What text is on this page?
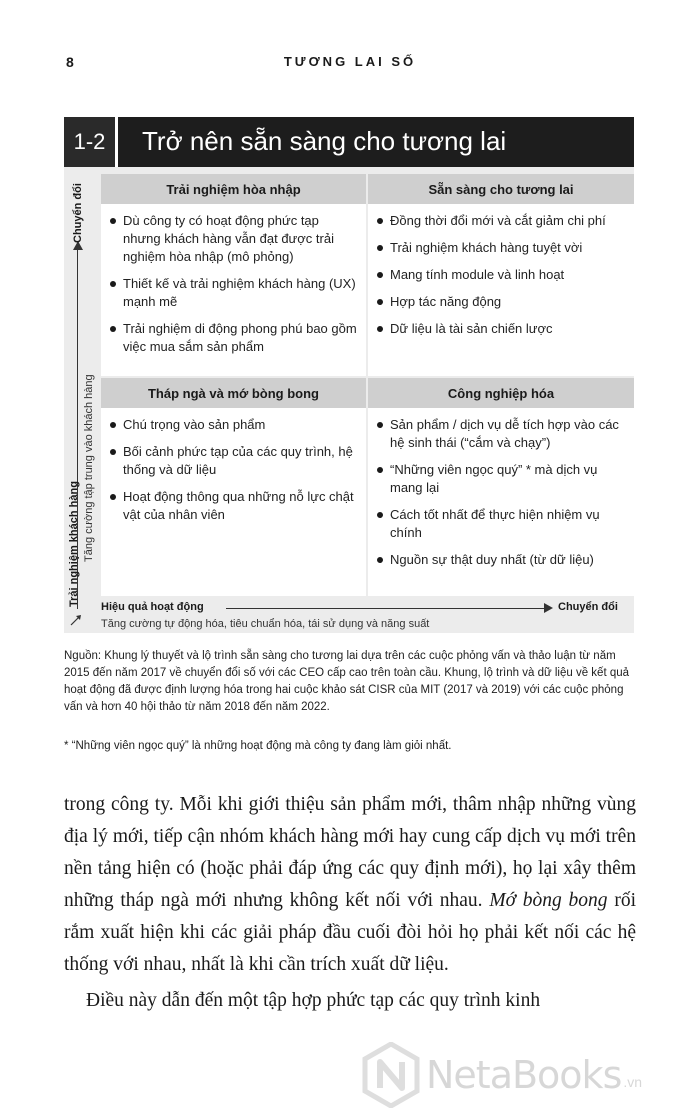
8	TƯƠNG LAI SỐ
1-2	Trở nên sẵn sàng cho tương lai
Trải nghiệm hòa nhập
Dù công ty có hoạt động phức tạp nhưng khách hàng vẫn đạt được trải nghiệm hòa nhập (mô phỏng)
Thiết kế và trải nghiệm khách hàng (UX) mạnh mẽ
Trải nghiệm di động phong phú bao gồm việc mua sắm sản phẩm
Sẵn sàng cho tương lai
Đồng thời đổi mới và cắt giảm chi phí
Trải nghiệm khách hàng tuyệt vời
Mang tính module và linh hoạt
Hợp tác năng động
Dữ liệu là tài sản chiến lược
Tháp ngà và mớ bòng bong
Chú trọng vào sản phẩm
Bối cảnh phức tạp của các quy trình, hệ thống và dữ liệu
Hoạt động thông qua những nỗ lực chật vật của nhân viên
Công nghiệp hóa
Sản phẩm / dịch vụ dễ tích hợp vào các hệ sinh thái (“cắm và chạy”)
“Những viên ngọc quý” * mà dịch vụ mang lại
Cách tốt nhất để thực hiện nhiệm vụ chính
Nguồn sự thật duy nhất (từ dữ liệu)
Chuyển đổi
Trải nghiệm khách hàng Tăng cường tập trung vào khách hàng
Hiệu quả hoạt động	Chuyển đổi
Tăng cường tự động hóa, tiêu chuẩn hóa, tái sử dụng và năng suất

Nguồn: Khung lý thuyết và lộ trình sẵn sàng cho tương lai dựa trên các cuộc phỏng vấn và thảo luận từ năm 2015 đến năm 2017 về chuyển đổi số với các CEO cấp cao trên toàn cầu. Khung, lộ trình và dữ liệu về kết quả hoạt động đã được định lượng hóa trong hai cuộc khảo sát CISR của MIT (2017 và 2019) với các cuộc phỏng vấn và hơn 40 hội thảo từ năm 2018 đến năm 2022.

* “Những viên ngọc quý” là những hoạt động mà công ty đang làm giỏi nhất.

trong công ty. Mỗi khi giới thiệu sản phẩm mới, thâm nhập những vùng địa lý mới, tiếp cận nhóm khách hàng mới hay cung cấp dịch vụ mới trên nền tảng hiện có (hoặc phải đáp ứng các quy định mới), họ lại xây thêm những tháp ngà mới nhưng không kết nối với nhau. Mớ bòng bong rối rắm xuất hiện khi các giải pháp đầu cuối đòi hỏi họ phải kết nối các hệ thống với nhau, nhất là khi cần trích xuất dữ liệu.

Điều này dẫn đến một tập hợp phức tạp các quy trình kinh

NetaBooks .vn
